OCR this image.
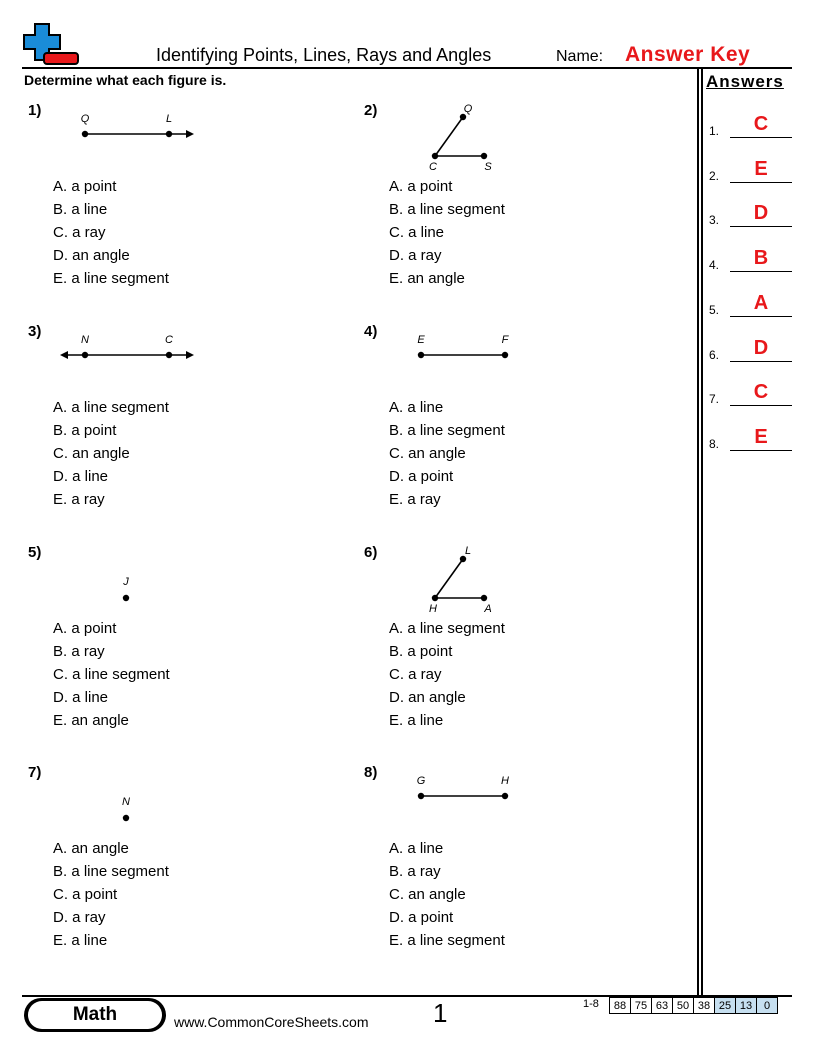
Identifying Points, Lines, Rays and Angles	Name: Answer Key
Determine what each figure is.	Answers
1.	C
2.	E
3.	D
4.	B
5.	A
6.	D
7.	C
8.	E
1)	Q	L
A. a point
B. a line
C. a ray
D. an angle
E. a line segment
2)	Q
C	S
A. a point
B. a line segment
C. a line
D. a ray
E. an angle
3)	N	C
A. a line segment
B. a point
C. an angle
D. a line
E. a ray
4)	E	F
A. a line
B. a line segment
C. an angle
D. a point
E. a ray
5)
J
A. a point
B. a ray
C. a line segment
D. a line
E. an angle
6)	L
H	A
A. a line segment
B. a point
C. a ray
D. an angle
E. a line
7)
N
A. an angle
B. a line segment
C. a point
D. a ray
E. a line
8)	G	H
A. a line
B. a ray
C. an angle
D. a point
E. a line segment
Math	www.CommonCoreSheets.com 1	1-8 88	75	63	50	38	25	13	0
